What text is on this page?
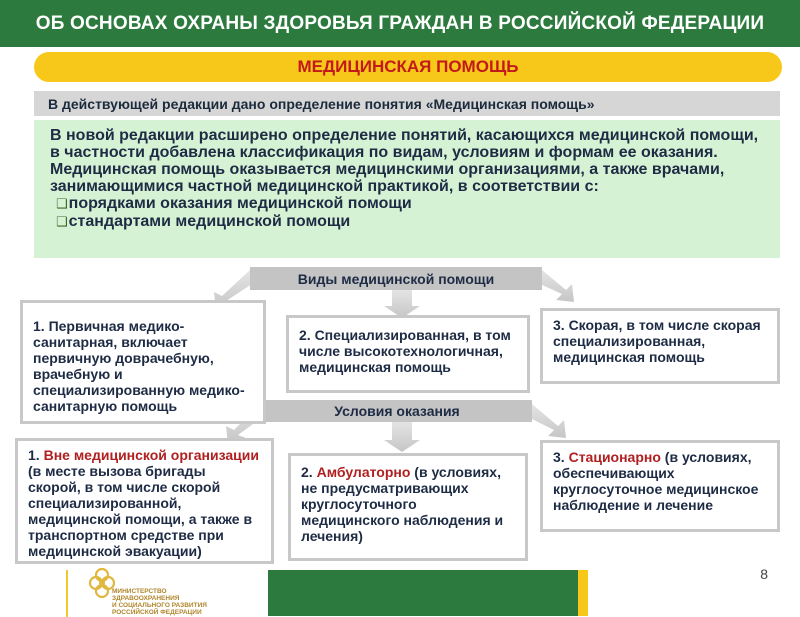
ОБ ОСНОВАХ ОХРАНЫ ЗДОРОВЬЯ ГРАЖДАН В РОССИЙСКОЙ ФЕДЕРАЦИИ
МЕДИЦИНСКАЯ ПОМОЩЬ
В действующей редакции дано определение понятия «Медицинская помощь»

В новой редакции расширено определение понятий, касающихся медицинской помощи, в частности добавлена классификация по видам, условиям и формам ее оказания.

Медицинская помощь оказывается медицинскими организациями, а также врачами, занимающимися частной медицинской практикой, в соответствии с:

❑порядками оказания медицинской помощи

❑стандартами медицинской помощи

Виды медицинской помощи
Условия оказания
1. Первичная медико-санитарная, включает первичную доврачебную, врачебную и специализированную медико-санитарную помощь
2. Специализированная, в том числе высокотехнологичная, медицинская помощь
3. Скорая, в том числе скорая специализированная, медицинская помощь
1. Вне медицинской организации (в месте вызова бригады скорой, в том числе скорой специализированной, медицинской помощи, а также в транспортном средстве при медицинской эвакуации)
2. Амбулаторно (в условиях, не предусматривающих круглосуточного медицинского наблюдения и лечения)
3. Стационарно (в условиях, обеспечивающих круглосуточное медицинское наблюдение и лечение
МИНИСТЕРСТВО
ЗДРАВООХРАНЕНИЯ
И СОЦИАЛЬНОГО РАЗВИТИЯ
РОССИЙСКОЙ ФЕДЕРАЦИИ
8
